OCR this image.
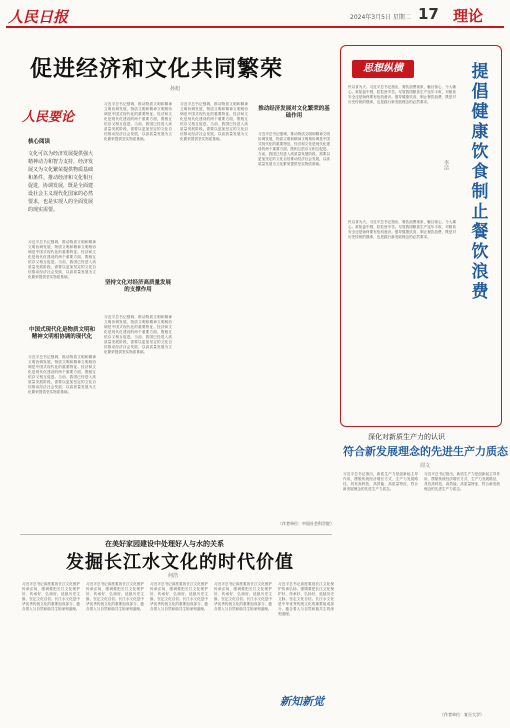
人民日报	2024年3月5日 星期二 17 理论
促进经济和文化共同繁荣
孙旭
人民要论
核心阅读
文化可以为经济发展提供强大精神动力和智力支持，经济发展又为文化繁荣提供物质基础和条件。推动经济和文化相互促进，协调发展，既是全面建设社会主义现代化国家的必然要求，也是实现人的全面发展的现实需要。
习近平总书记强调，推动物质文明和精神文明协调发展，物质文明和精神文明相协调是中国式现代化的重要特征。经济和文化是现代化建设的两个重要方面，既相互依存又相互促进。当前，我国已经进入高质量发展阶段，需要以更加坚定的文化自信推动经济社会发展，以高质量发展为文化繁荣提供坚实物质基础。
中国式现代化是物质文明和精神文明相协调的现代化
习近平总书记强调，推动物质文明和精神文明协调发展，物质文明和精神文明相协调是中国式现代化的重要特征。经济和文化是现代化建设的两个重要方面，既相互依存又相互促进。当前，我国已经进入高质量发展阶段，需要以更加坚定的文化自信推动经济社会发展，以高质量发展为文化繁荣提供坚实物质基础。
习近平总书记强调，推动物质文明和精神文明协调发展，物质文明和精神文明相协调是中国式现代化的重要特征。经济和文化是现代化建设的两个重要方面，既相互依存又相互促进。当前，我国已经进入高质量发展阶段，需要以更加坚定的文化自信推动经济社会发展，以高质量发展为文化繁荣提供坚实物质基础。
坚持文化对经济高质量发展的支撑作用
习近平总书记强调，推动物质文明和精神文明协调发展，物质文明和精神文明相协调是中国式现代化的重要特征。经济和文化是现代化建设的两个重要方面，既相互依存又相互促进。当前，我国已经进入高质量发展阶段，需要以更加坚定的文化自信推动经济社会发展，以高质量发展为文化繁荣提供坚实物质基础。
习近平总书记强调，推动物质文明和精神文明协调发展，物质文明和精神文明相协调是中国式现代化的重要特征。经济和文化是现代化建设的两个重要方面，既相互依存又相互促进。当前，我国已经进入高质量发展阶段，需要以更加坚定的文化自信推动经济社会发展，以高质量发展为文化繁荣提供坚实物质基础。
推动经济发展对文化繁荣的基础作用
习近平总书记强调，推动物质文明和精神文明协调发展，物质文明和精神文明相协调是中国式现代化的重要特征。经济和文化是现代化建设的两个重要方面，既相互依存又相互促进。当前，我国已经进入高质量发展阶段，需要以更加坚定的文化自信推动经济社会发展，以高质量发展为文化繁荣提供坚实物质基础。
（作者单位：中国社会科学院）
思想纵横	提倡健康饮食 制止餐饮浪费
李洁
民以食为天。习近平总书记指出，餐饮浪费现象，触目惊心、令人痛心。谁知盘中餐，粒粒皆辛苦。尽管我国粮食生产连年丰收，对粮食安全还是始终要有危机意识。倡导健康饮食、制止餐饮浪费，既是对历史传统的继承，也是践行新发展理念的必然要求。
民以食为天。习近平总书记指出，餐饮浪费现象，触目惊心、令人痛心。谁知盘中餐，粒粒皆辛苦。尽管我国粮食生产连年丰收，对粮食安全还是始终要有危机意识。倡导健康饮食、制止餐饮浪费，既是对历史传统的继承，也是践行新发展理念的必然要求。
深化对新质生产力的认识
符合新发展理念的先进生产力质态
周文
习近平总书记指出，新质生产力是创新起主导作用，摆脱传统经济增长方式、生产力发展路径，具有高科技、高效能、高质量特征，符合新发展理念的先进生产力质态。
习近平总书记指出，新质生产力是创新起主导作用，摆脱传统经济增长方式、生产力发展路径，具有高科技、高效能、高质量特征，符合新发展理念的先进生产力质态。
（作者单位：复旦大学）
新知新觉
在美好家园建设中处理好人与水的关系
发掘长江水文化的时代价值
何浩
习近平总书记高度重视长江文化保护传承弘扬，强调要把长江文化保护好、传承好、弘扬好，延续历史文脉，坚定文化自信。长江水文化是中华优秀传统文化的重要组成部分，蕴含着人与自然和谐共生的深刻道理。
习近平总书记高度重视长江文化保护传承弘扬，强调要把长江文化保护好、传承好、弘扬好，延续历史文脉，坚定文化自信。长江水文化是中华优秀传统文化的重要组成部分，蕴含着人与自然和谐共生的深刻道理。
习近平总书记高度重视长江文化保护传承弘扬，强调要把长江文化保护好、传承好、弘扬好，延续历史文脉，坚定文化自信。长江水文化是中华优秀传统文化的重要组成部分，蕴含着人与自然和谐共生的深刻道理。
习近平总书记高度重视长江文化保护传承弘扬，强调要把长江文化保护好、传承好、弘扬好，延续历史文脉，坚定文化自信。长江水文化是中华优秀传统文化的重要组成部分，蕴含着人与自然和谐共生的深刻道理。
习近平总书记高度重视长江文化保护传承弘扬，强调要把长江文化保护好、传承好、弘扬好，延续历史文脉，坚定文化自信。长江水文化是中华优秀传统文化的重要组成部分，蕴含着人与自然和谐共生的深刻道理。
